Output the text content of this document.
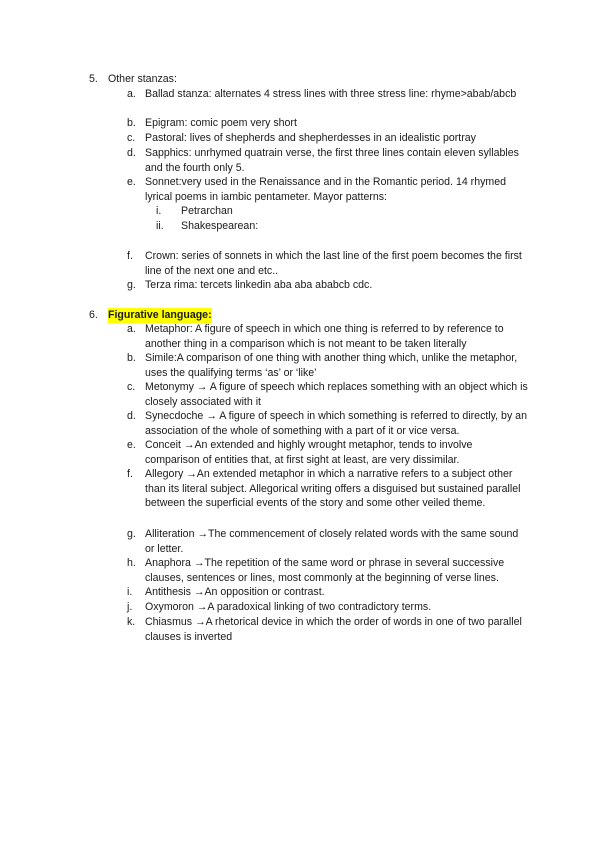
5. Other stanzas:
a. Ballad stanza: alternates 4 stress lines with three stress line: rhyme>abab/abcb
b. Epigram: comic poem very short
c. Pastoral: lives of shepherds and shepherdesses in an idealistic portray
d. Sapphics: unrhymed quatrain verse, the first three lines contain eleven syllables and the fourth only 5.
e. Sonnet:very used in the Renaissance and in the Romantic period. 14 rhymed lyrical poems in iambic pentameter. Mayor patterns:
i. Petrarchan
ii. Shakespearean:
f. Crown: series of sonnets in which the last line of the first poem becomes the first line of the next one and etc..
g. Terza rima: tercets linkedin aba aba ababcb cdc.
6. Figurative language:
a. Metaphor: A figure of speech in which one thing is referred to by reference to another thing in a comparison which is not meant to be taken literally
b. Simile:A comparison of one thing with another thing which, unlike the metaphor, uses the qualifying terms ‘as’ or ‘like’
c. Metonymy → A figure of speech which replaces something with an object which is closely associated with it
d. Synecdoche → A figure of speech in which something is referred to directly, by an association of the whole of something with a part of it or vice versa.
e. Conceit →An extended and highly wrought metaphor, tends to involve comparison of entities that, at first sight at least, are very dissimilar.
f. Allegory →An extended metaphor in which a narrative refers to a subject other than its literal subject. Allegorical writing offers a disguised but sustained parallel between the superficial events of the story and some other veiled theme.
g. Alliteration →The commencement of closely related words with the same sound or letter.
h. Anaphora →The repetition of the same word or phrase in several successive clauses, sentences or lines, most commonly at the beginning of verse lines.
i. Antithesis →An opposition or contrast.
j. Oxymoron →A paradoxical linking of two contradictory terms.
k. Chiasmus →A rhetorical device in which the order of words in one of two parallel clauses is inverted
